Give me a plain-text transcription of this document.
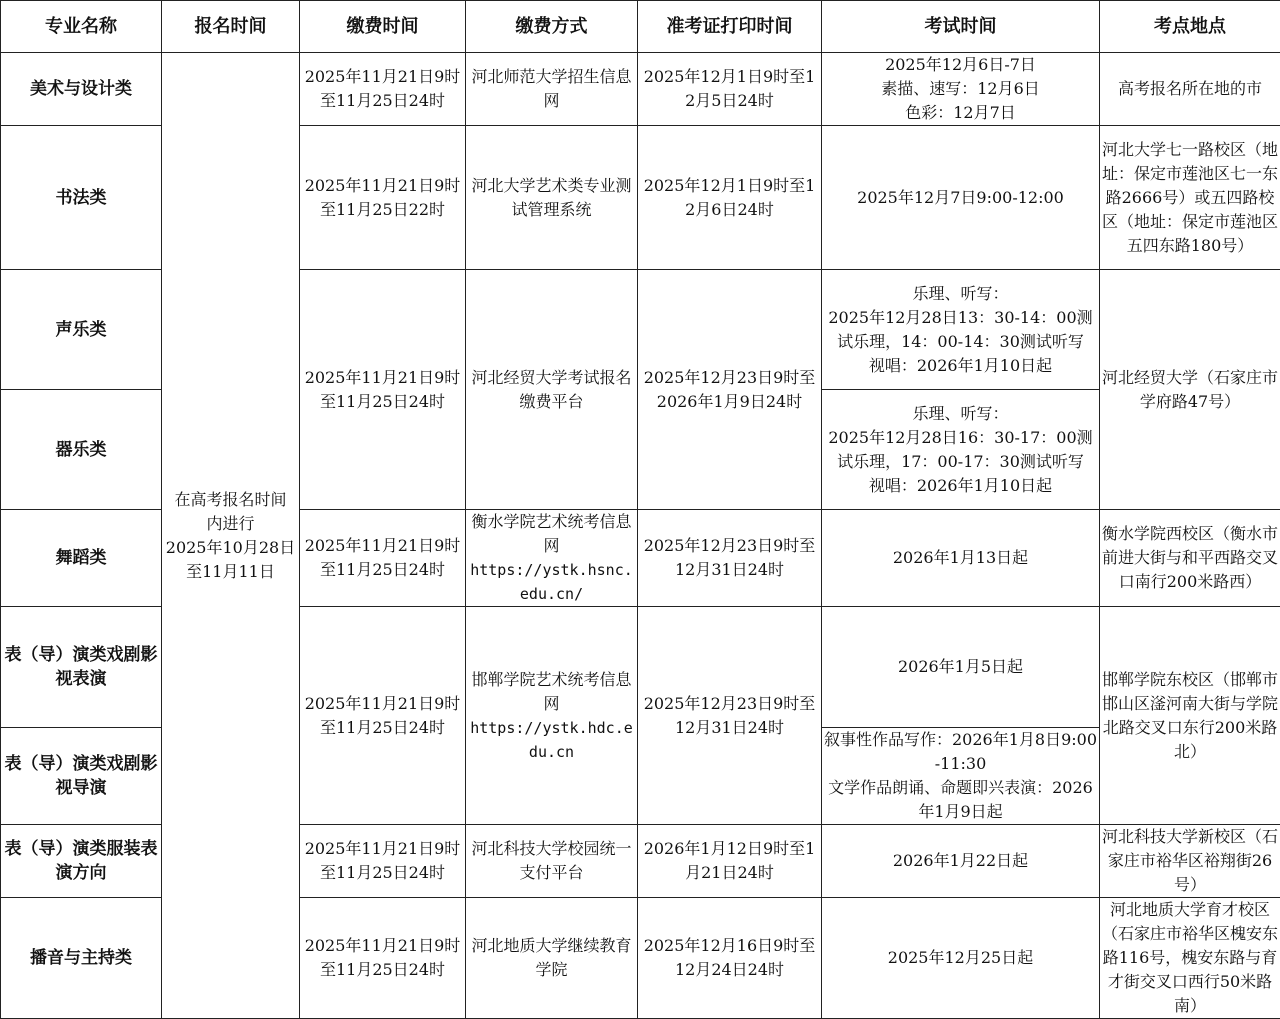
专业名称	报名时间	缴费时间	缴费方式	准考证打印时间	考试时间	考点地点
美术与设计类	在高考报名时间
内进行
2025年10月28日
至11月11日	2025年11月21日9时至11月25日24时	河北师范大学招生信息网	2025年12月1日9时至12月5日24时	2025年12月6日-7日
素描、速写：12月6日
色彩：12月7日	高考报名所在地的市
书法类		2025年11月21日9时至11月25日22时	河北大学艺术类专业测试管理系统	2025年12月1日9时至12月6日24时	2025年12月7日9:00-12:00	河北大学七一路校区（地址：保定市莲池区七一东路2666号）或五四路校区（地址：保定市莲池区五四东路180号）
声乐类		2025年11月21日9时至11月25日24时	河北经贸大学考试报名缴费平台	2025年12月23日9时至2026年1月9日24时	乐理、听写：
2025年12月28日13：30-14：00测试乐理，14：00-14：30测试听写
视唱：2026年1月10日起	河北经贸大学（石家庄市学府路47号）
器乐类					乐理、听写：
2025年12月28日16：30-17：00测试乐理，17：00-17：30测试听写
视唱：2026年1月10日起	

舞蹈类		2025年11月21日9时至11月25日24时	衡水学院艺术统考信息网
https://ystk.hsnc.edu.cn/	2025年12月23日9时至12月31日24时	2026年1月13日起	衡水学院西校区（衡水市前进大街与和平西路交叉口南行200米路西）
表（导）演类戏剧影视表演		2025年11月21日9时至11月25日24时	邯郸学院艺术统考信息网
https://ystk.hdc.edu.cn	2025年12月23日9时至12月31日24时	2026年1月5日起	邯郸学院东校区（邯郸市邯山区滏河南大街与学院北路交叉口东行200米路北）
表（导）演类戏剧影视导演					叙事性作品写作：2026年1月8日9:00-11:30
文学作品朗诵、命题即兴表演：2026年1月9日起	

表（导）演类服装表演方向		2025年11月21日9时至11月25日24时	河北科技大学校园统一支付平台	2026年1月12日9时至1月21日24时	2026年1月22日起	河北科技大学新校区（石家庄市裕华区裕翔街26号）
播音与主持类		2025年11月21日9时至11月25日24时	河北地质大学继续教育学院	2025年12月16日9时至12月24日24时	2025年12月25日起	河北地质大学育才校区（石家庄市裕华区槐安东路116号，槐安东路与育才街交叉口西行50米路南）
